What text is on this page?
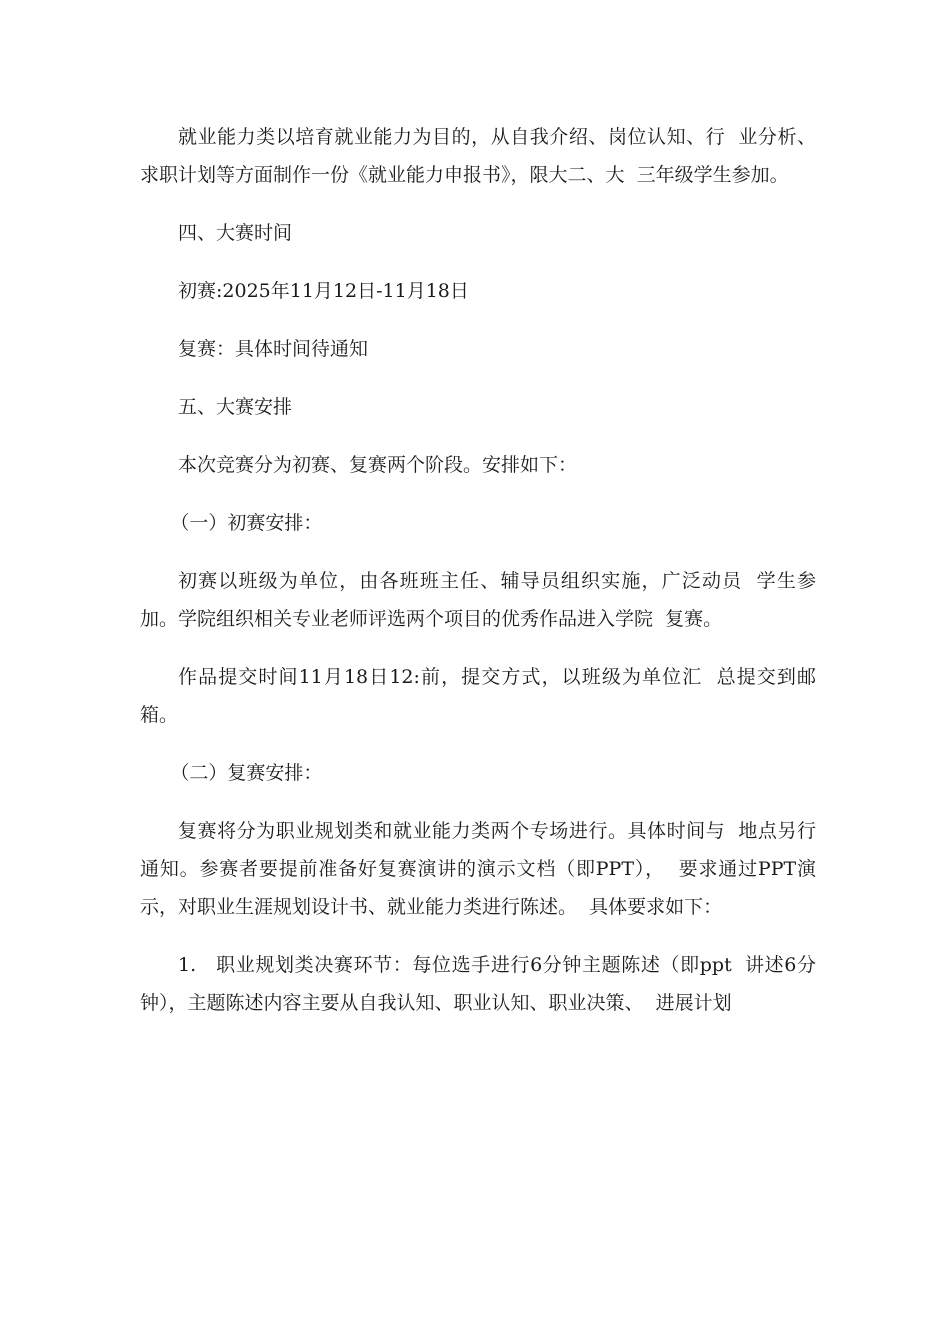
就业能力类以培育就业能力为目的，从自我介绍、岗位认知、行  业分析、求职计划等方面制作一份《就业能力申报书》，限大二、大  三年级学生参加。

四、大赛时间

初赛:2025年11月12日-11月18日

复赛：具体时间待通知

五、大赛安排

本次竞赛分为初赛、复赛两个阶段。安排如下：

（一）初赛安排：

初赛以班级为单位，由各班班主任、辅导员组织实施，广泛动员  学生参加。学院组织相关专业老师评选两个项目的优秀作品进入学院  复赛。

作品提交时间11月18日12:前，提交方式，以班级为单位汇  总提交到邮箱。

（二）复赛安排：

复赛将分为职业规划类和就业能力类两个专场进行。具体时间与  地点另行通知。参赛者要提前准备好复赛演讲的演示文档（即PPT），  要求通过PPT演示，对职业生涯规划设计书、就业能力类进行陈述。  具体要求如下：

1.   职业规划类决赛环节：每位选手进行6分钟主题陈述（即ppt  讲述6分钟），主题陈述内容主要从自我认知、职业认知、职业决策、  进展计划
